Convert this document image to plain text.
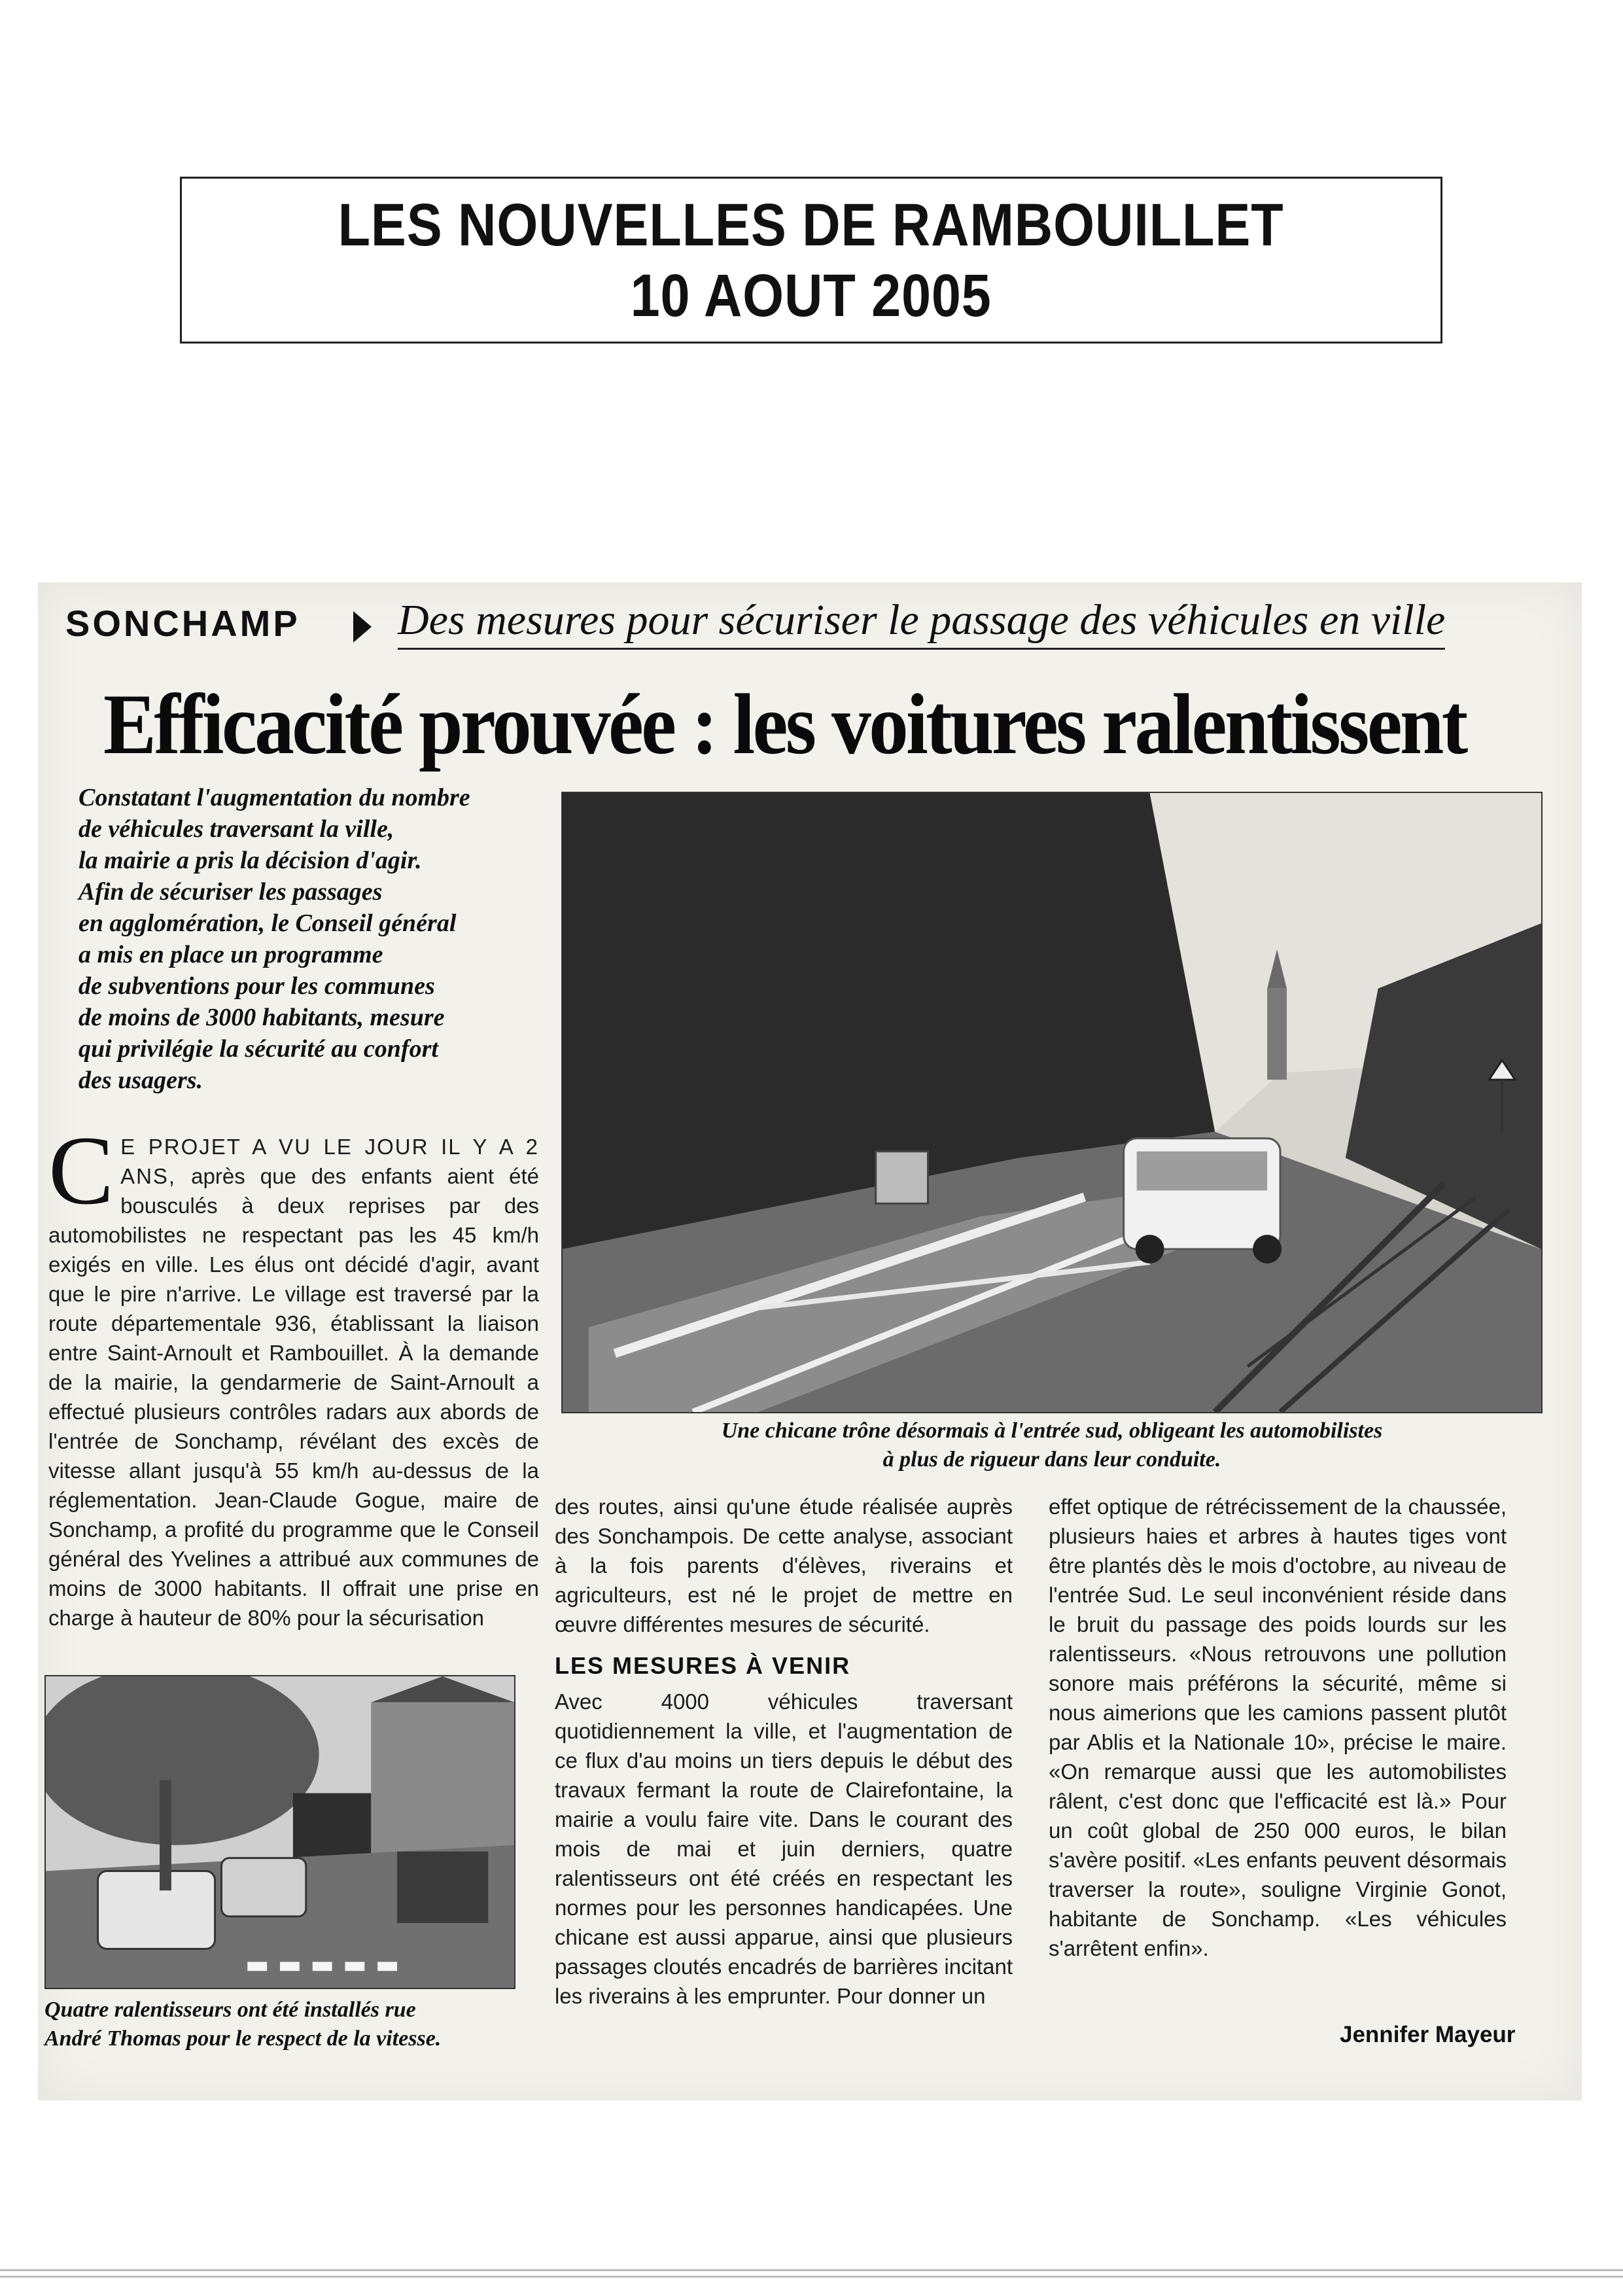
LES NOUVELLES DE RAMBOUILLET
10 AOUT 2005
SONCHAMP Des mesures pour sécuriser le passage des véhicules en ville
Efficacité prouvée : les voitures ralentissent
Constatant l'augmentation du nombre
de véhicules traversant la ville,
la mairie a pris la décision d'agir.
Afin de sécuriser les passages
en agglomération, le Conseil général
a mis en place un programme
de subventions pour les communes
de moins de 3000 habitants, mesure
qui privilégie la sécurité au confort
des usagers.
Une chicane trône désormais à l'entrée sud, obligeant les automobilistes
à plus de rigueur dans leur conduite.
C E PROJET A VU LE JOUR IL Y A 2 ANS, après que des enfants aient été bousculés à deux reprises par des automobilistes ne respectant pas les 45 km/h exigés en ville. Les élus ont décidé d'agir, avant que le pire n'arrive. Le village est traversé par la route départementale 936, établissant la liaison entre Saint-Arnoult et Rambouillet. À la demande de la mairie, la gendarmerie de Saint-Arnoult a effectué plusieurs contrôles radars aux abords de l'entrée de Sonchamp, révélant des excès de vitesse allant jusqu'à 55 km/h au-dessus de la réglementation. Jean-Claude Gogue, maire de Sonchamp, a profité du programme que le Conseil général des Yvelines a attribué aux communes de moins de 3000 habitants. Il offrait une prise en charge à hauteur de 80% pour la sécurisation
Quatre ralentisseurs ont été installés rue
André Thomas pour le respect de la vitesse.
des routes, ainsi qu'une étude réalisée auprès des Sonchampois. De cette analyse, associant à la fois parents d'élèves, riverains et agriculteurs, est né le projet de mettre en œuvre différentes mesures de sécurité.
LES MESURES À VENIR
Avec 4000 véhicules traversant quotidiennement la ville, et l'augmentation de ce flux d'au moins un tiers depuis le début des travaux fermant la route de Clairefontaine, la mairie a voulu faire vite. Dans le courant des mois de mai et juin derniers, quatre ralentisseurs ont été créés en respectant les normes pour les personnes handicapées. Une chicane est aussi apparue, ainsi que plusieurs passages cloutés encadrés de barrières incitant les riverains à les emprunter. Pour donner un
effet optique de rétrécissement de la chaussée, plusieurs haies et arbres à hautes tiges vont être plantés dès le mois d'octobre, au niveau de l'entrée Sud. Le seul inconvénient réside dans le bruit du passage des poids lourds sur les ralentisseurs. «Nous retrouvons une pollution sonore mais préférons la sécurité, même si nous aimerions que les camions passent plutôt par Ablis et la Nationale 10», précise le maire. «On remarque aussi que les automobilistes râlent, c'est donc que l'efficacité est là.» Pour un coût global de 250 000 euros, le bilan s'avère positif. «Les enfants peuvent désormais traverser la route», souligne Virginie Gonot, habitante de Sonchamp. «Les véhicules s'arrêtent enfin».
Jennifer Mayeur
